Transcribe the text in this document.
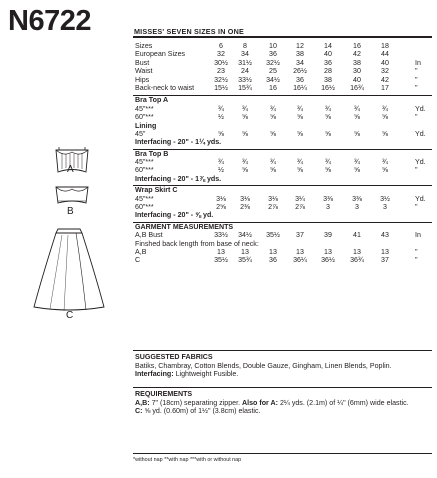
N6722	MISSES' SEVEN SIZES IN ONE
A
B
C
Sizes	6	8	10	12	14	16	18
European Sizes	32	34	36	38	40	42	44
Bust	30½	31½	32½	34	36	38	40	In
Waist	23	24	25	26½	28	30	32	"
Hips	32½	33½	34½	36	38	40	42	"
Back-neck to waist	15½	15¾	16	16¼	16½	16¾	17	"
Bra Top A
45"***	¾	¾	¾	¾	¾	¾	¾	Yd.
60"***	½	⅝	⅝	⅝	⅝	⅝	⅝	"
Lining
45"	⅝	⅝	⅝	⅝	⅝	⅝	⅝	Yd.
Interfacing - 20" - 1¼ yds.
Bra Top B
45"***	¾	¾	¾	¾	¾	¾	¾	Yd.
60"***	½	⅝	⅝	⅝	⅝	⅝	⅝	"
Interfacing - 20" - 1⅞ yds.
Wrap Skirt C
45"***	3⅛	3⅛	3⅛	3¼	3⅜	3⅜	3½	Yd.
60"***	2⅝	2⅜	2⅞	2⅞	3	3	3	"
Interfacing - 20" - ⅝ yd.
GARMENT MEASUREMENTS
A,B Bust	33½	34½	35½	37	39	41	43	In
Finshed back length from base of neck:
A,B	13	13	13	13	13	13	13	"
C	35½	35¾	36	36¼	36½	36¾	37	"
SUGGESTED FABRICS
Batiks, Chambray, Cotton Blends, Double Gauze, Gingham, Linen Blends, Poplin.
Interfacing: Lightweight Fusible.
REQUIREMENTS
A,B: 7" (18cm) separating zipper. Also for A: 2¼ yds. (2.1m) of ¼" (6mm) wide elastic.
C: ⅝ yd. (0.60m) of 1½" (3.8cm) elastic.
*without nap **with nap ***with or without nap
